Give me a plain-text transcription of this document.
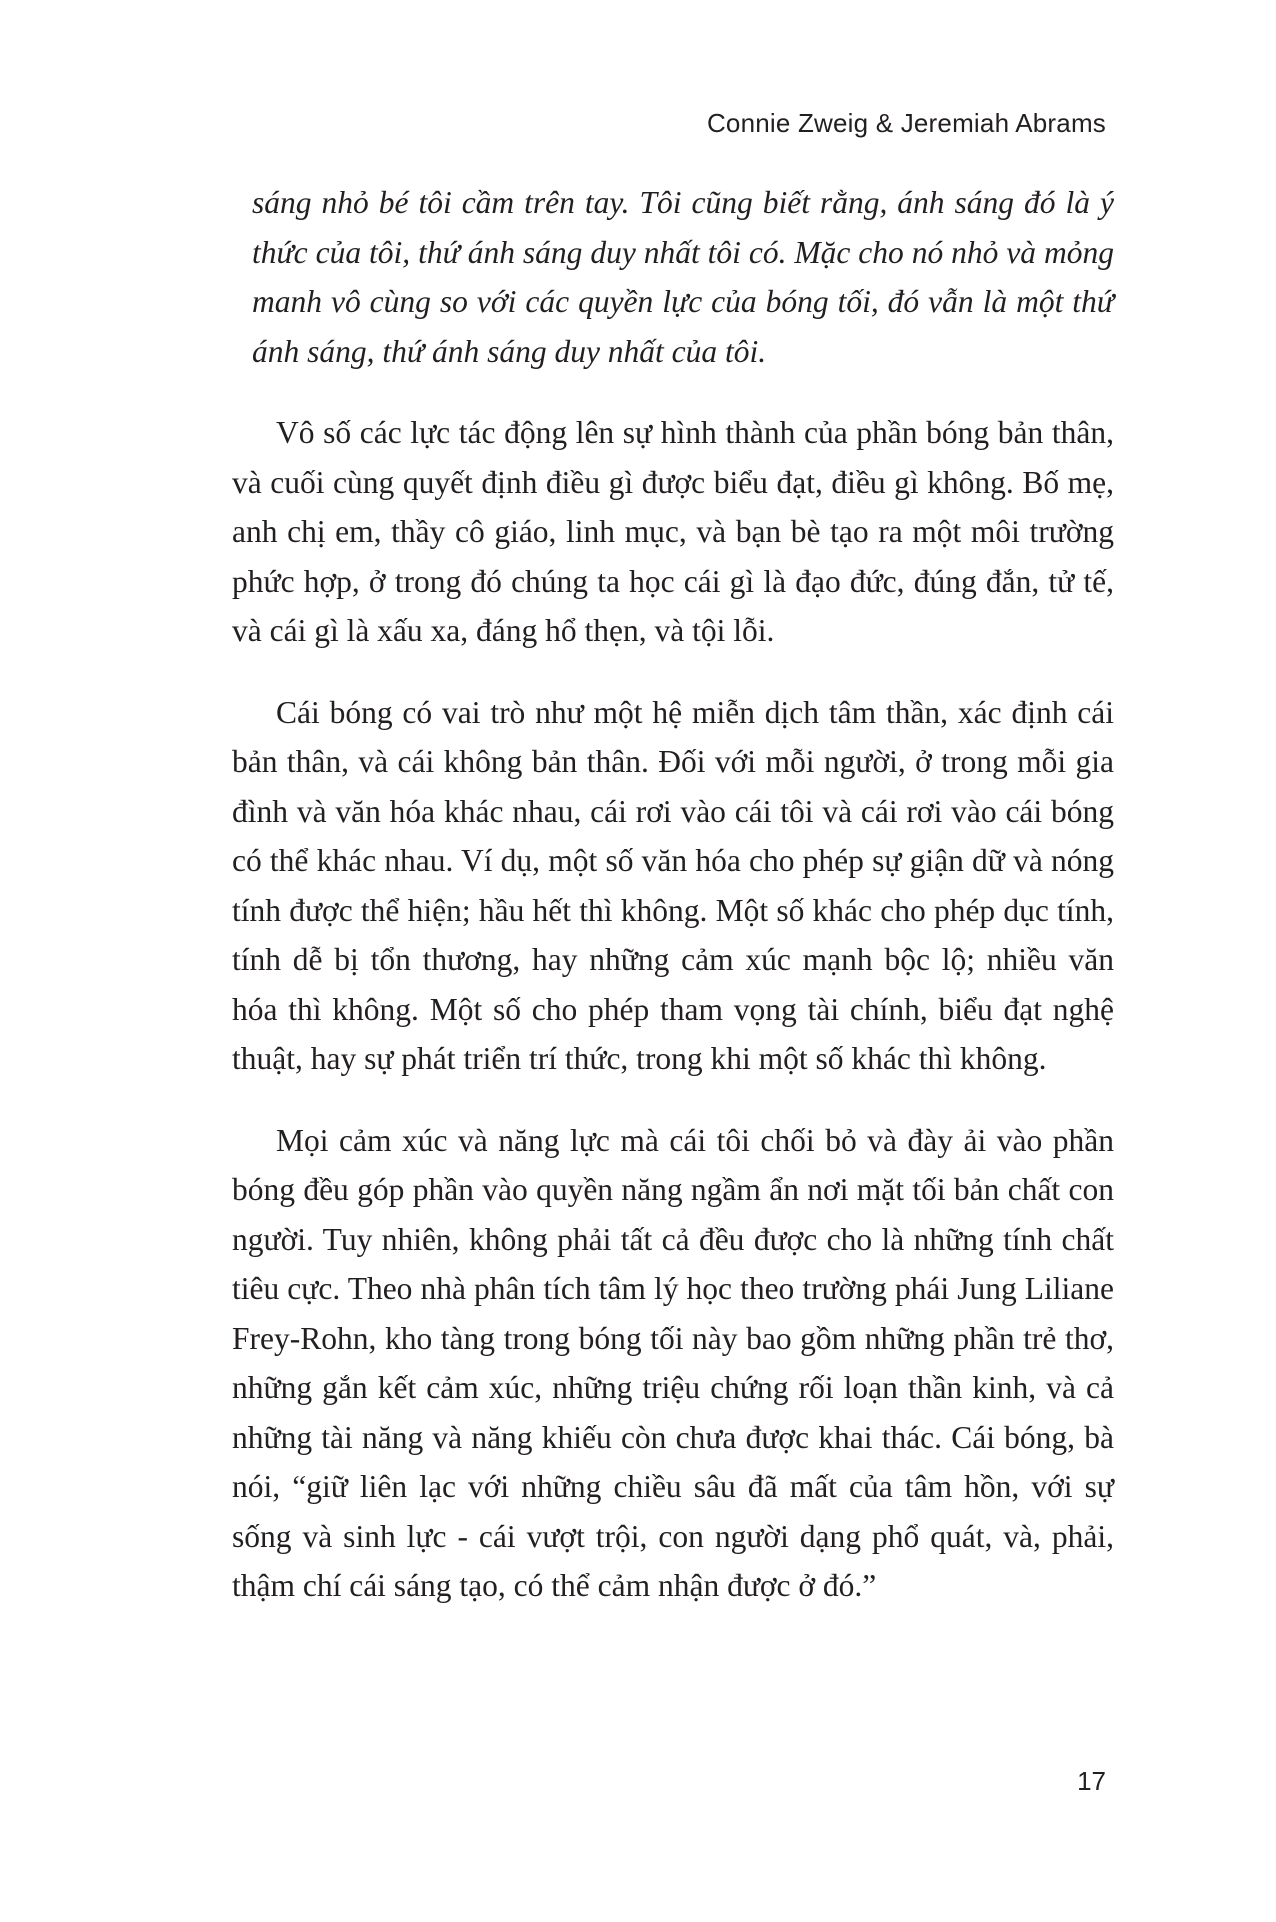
Connie Zweig & Jeremiah Abrams

sáng nhỏ bé tôi cầm trên tay. Tôi cũng biết rằng, ánh sáng đó là ý thức của tôi, thứ ánh sáng duy nhất tôi có. Mặc cho nó nhỏ và mỏng manh vô cùng so với các quyền lực của bóng tối, đó vẫn là một thứ ánh sáng, thứ ánh sáng duy nhất của tôi.

Vô số các lực tác động lên sự hình thành của phần bóng bản thân, và cuối cùng quyết định điều gì được biểu đạt, điều gì không. Bố mẹ, anh chị em, thầy cô giáo, linh mục, và bạn bè tạo ra một môi trường phức hợp, ở trong đó chúng ta học cái gì là đạo đức, đúng đắn, tử tế, và cái gì là xấu xa, đáng hổ thẹn, và tội lỗi.

Cái bóng có vai trò như một hệ miễn dịch tâm thần, xác định cái bản thân, và cái không bản thân. Đối với mỗi người, ở trong mỗi gia đình và văn hóa khác nhau, cái rơi vào cái tôi và cái rơi vào cái bóng có thể khác nhau. Ví dụ, một số văn hóa cho phép sự giận dữ và nóng tính được thể hiện; hầu hết thì không. Một số khác cho phép dục tính, tính dễ bị tổn thương, hay những cảm xúc mạnh bộc lộ; nhiều văn hóa thì không. Một số cho phép tham vọng tài chính, biểu đạt nghệ thuật, hay sự phát triển trí thức, trong khi một số khác thì không.

Mọi cảm xúc và năng lực mà cái tôi chối bỏ và đày ải vào phần bóng đều góp phần vào quyền năng ngầm ẩn nơi mặt tối bản chất con người. Tuy nhiên, không phải tất cả đều được cho là những tính chất tiêu cực. Theo nhà phân tích tâm lý học theo trường phái Jung Liliane Frey-Rohn, kho tàng trong bóng tối này bao gồm những phần trẻ thơ, những gắn kết cảm xúc, những triệu chứng rối loạn thần kinh, và cả những tài năng và năng khiếu còn chưa được khai thác. Cái bóng, bà nói, “giữ liên lạc với những chiều sâu đã mất của tâm hồn, với sự sống và sinh lực - cái vượt trội, con người dạng phổ quát, và, phải, thậm chí cái sáng tạo, có thể cảm nhận được ở đó.”

17
